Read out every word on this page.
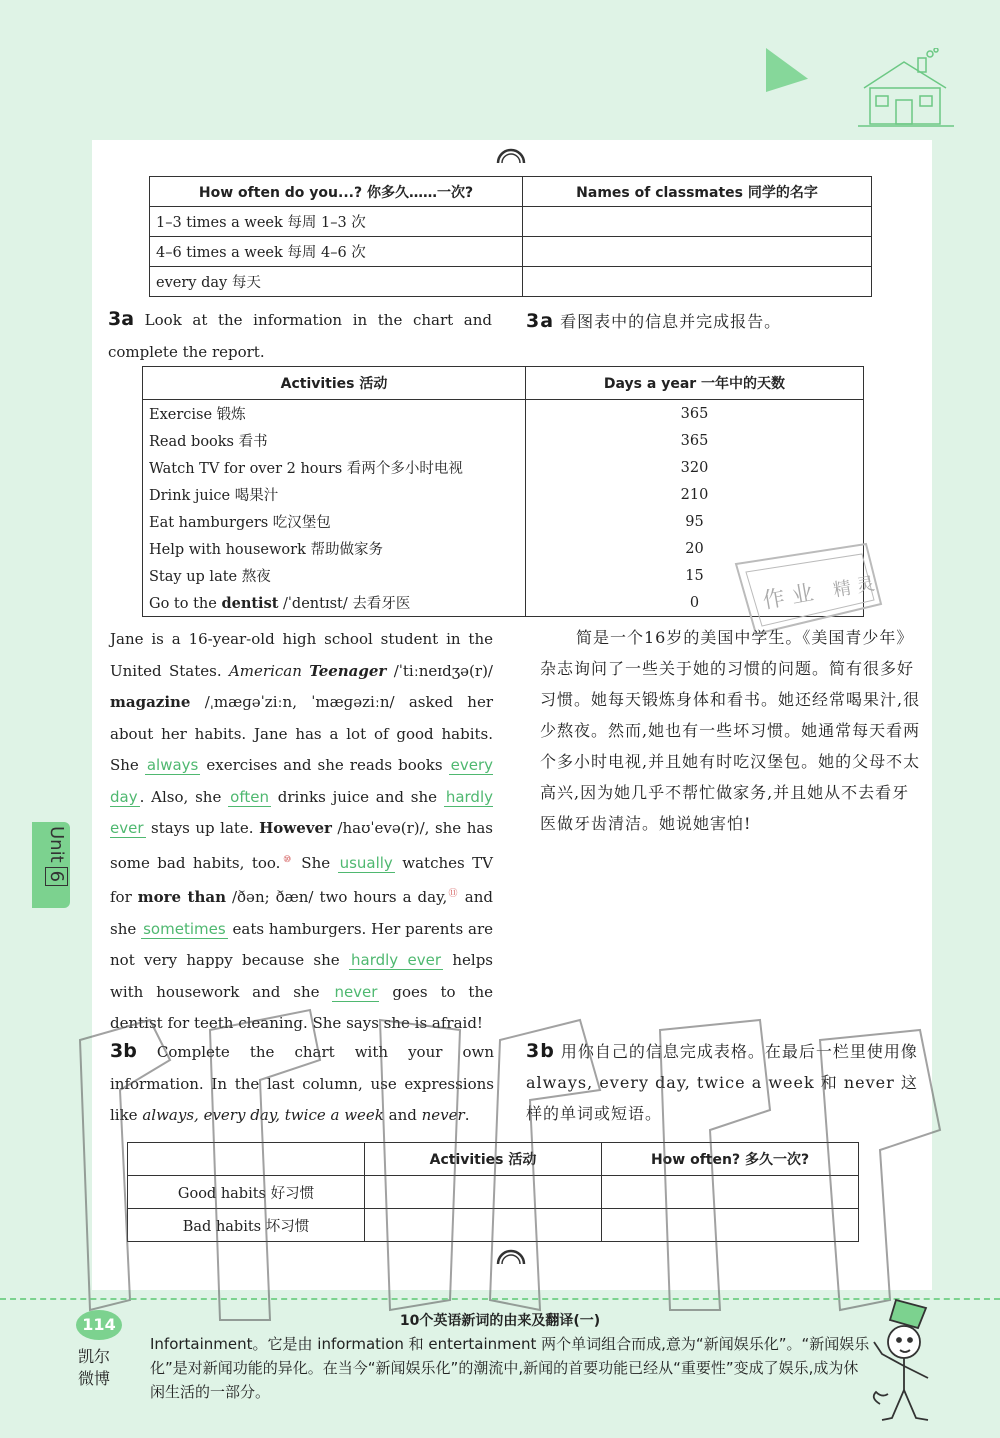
How often do you...? 你多久……一次?	Names of classmates 同学的名字
1–3 times a week 每周 1–3 次	
4–6 times a week 每周 4–6 次	
every day 每天	
3a Look at the information in the chart and complete the report.
3a 看图表中的信息并完成报告。
Activities 活动	Days a year 一年中的天数
Exercise 锻炼	365
Read books 看书	365
Watch TV for over 2 hours 看两个多小时电视	320
Drink juice 喝果汁	210
Eat hamburgers 吃汉堡包	95
Help with housework 帮助做家务	20
Stay up late 熬夜	15
Go to the dentist /ˈdentɪst/ 去看牙医	0	作 业 精 灵
Jane is a 16-year-old high school student in the United States. American Teenager /ˈtiːneɪdʒə(r)/ magazine /ˌmæɡəˈziːn, ˈmæɡəziːn/ asked her about her habits. Jane has a lot of good habits. She always exercises and she reads books every day . Also, she often drinks juice and she hardly ever stays up late. However /haʊˈevə(r)/, she has some bad habits, too.⑩ She usually watches TV for more than /ðən; ðæn/ two hours a day,⑪ and she sometimes eats hamburgers. Her parents are not very happy because she hardly ever helps with housework and she never goes to the dentist for teeth cleaning. She says she is afraid!
简是一个16岁的美国中学生。《美国青少年》杂志询问了一些关于她的习惯的问题。简有很多好习惯。她每天锻炼身体和看书。她还经常喝果汁,很少熬夜。然而,她也有一些坏习惯。她通常每天看两个多小时电视,并且她有时吃汉堡包。她的父母不太高兴,因为她几乎不帮忙做家务,并且她从不去看牙医做牙齿清洁。她说她害怕!
3b Complete the chart with your own information. In the last column, use expressions like always, every day, twice a week and never.
3b 用你自己的信息完成表格。在最后一栏里使用像 always, every day, twice a week 和 never 这样的单词或短语。
	Activities 活动	How often? 多久一次?
Good habits 好习惯		
Bad habits 坏习惯		
Unit6
114
凯尔微博
10个英语新词的由来及翻译(一)
Infortainment。它是由 information 和 entertainment 两个单词组合而成,意为“新闻娱乐化”。“新闻娱乐化”是对新闻功能的异化。在当今“新闻娱乐化”的潮流中,新闻的首要功能已经从“重要性”变成了娱乐,成为休闲生活的一部分。
